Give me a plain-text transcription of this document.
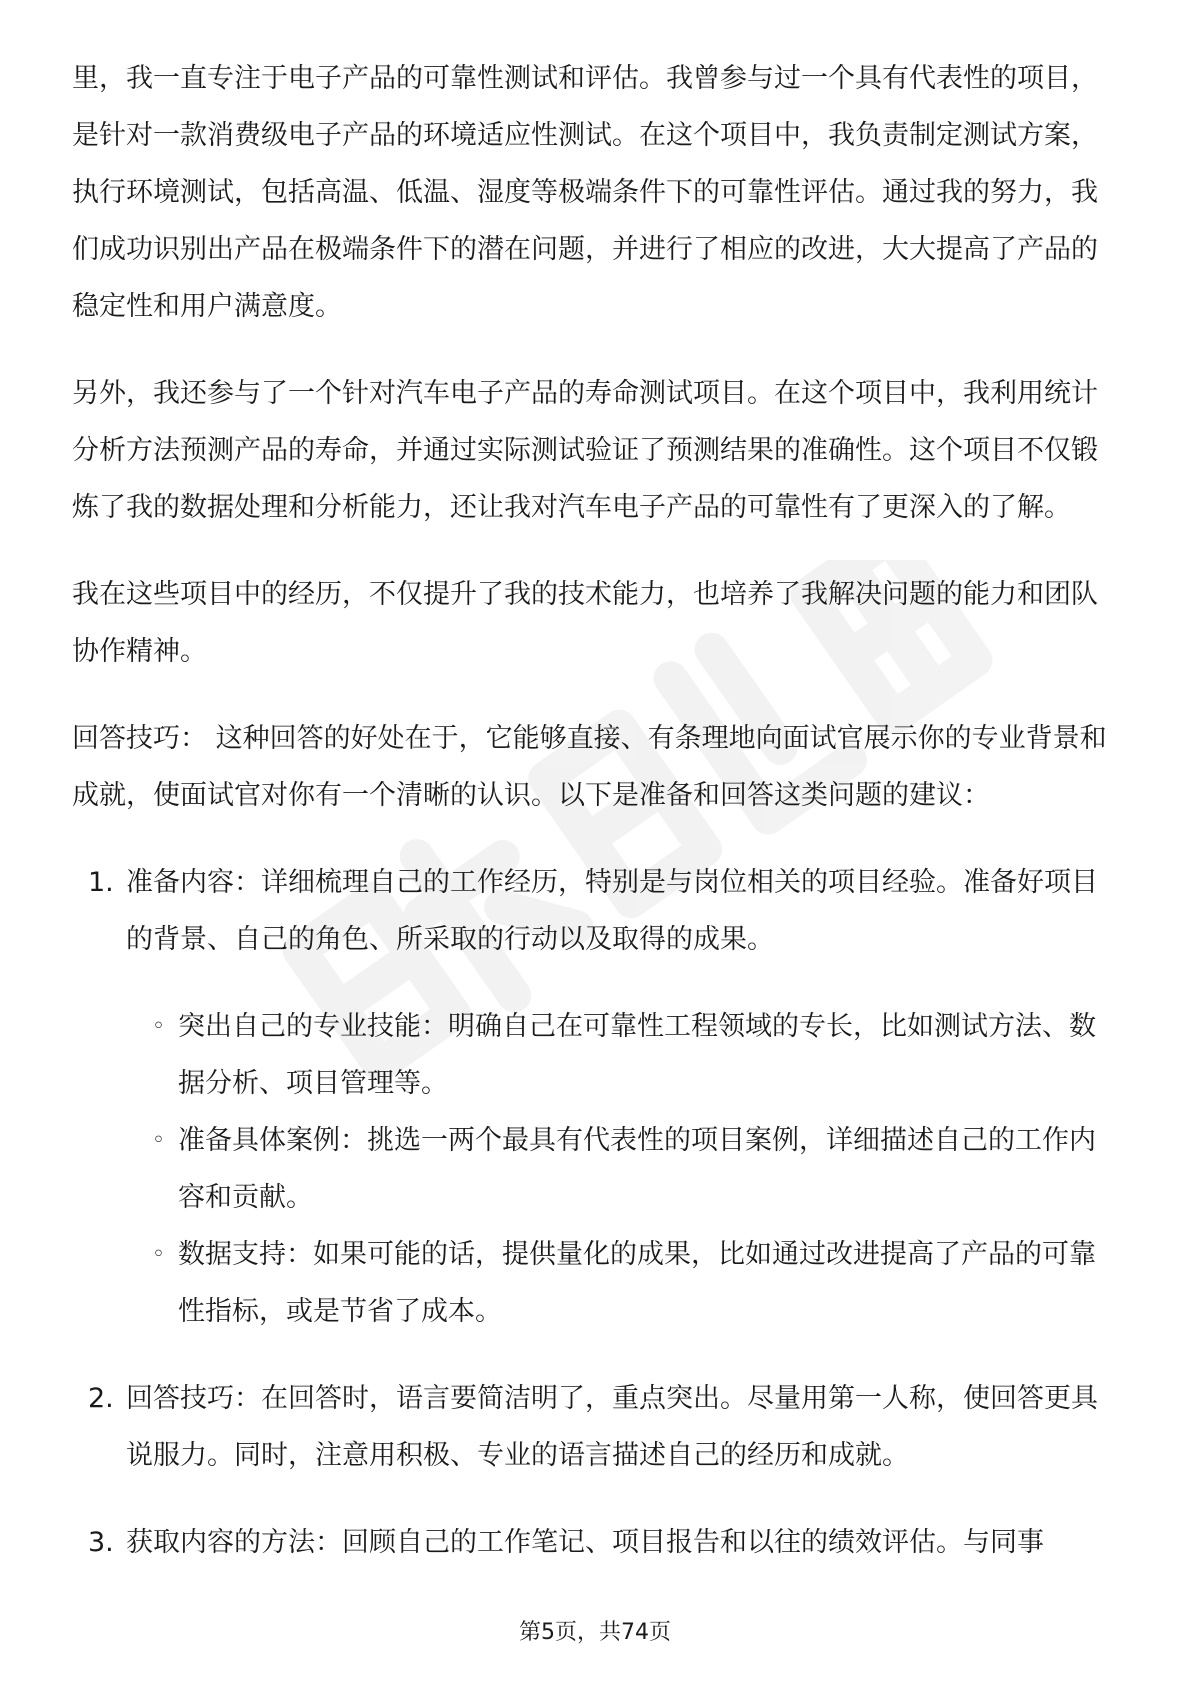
里，我一直专注于电子产品的可靠性测试和评估。我曾参与过一个具有代表性的项目，是针对一款消费级电子产品的环境适应性测试。在这个项目中，我负责制定测试方案，执行环境测试，包括高温、低温、湿度等极端条件下的可靠性评估。通过我的努力，我们成功识别出产品在极端条件下的潜在问题，并进行了相应的改进，大大提高了产品的稳定性和用户满意度。

另外，我还参与了一个针对汽车电子产品的寿命测试项目。在这个项目中，我利用统计分析方法预测产品的寿命，并通过实际测试验证了预测结果的准确性。这个项目不仅锻炼了我的数据处理和分析能力，还让我对汽车电子产品的可靠性有了更深入的了解。

我在这些项目中的经历，不仅提升了我的技术能力，也培养了我解决问题的能力和团队协作精神。

回答技巧： 这种回答的好处在于，它能够直接、有条理地向面试官展示你的专业背景和成就，使面试官对你有一个清晰的认识。以下是准备和回答这类问题的建议：

1. 准备内容：详细梳理自己的工作经历，特别是与岗位相关的项目经验。准备好项目的背景、自己的角色、所采取的行动以及取得的成果。
◦ 突出自己的专业技能：明确自己在可靠性工程领域的专长，比如测试方法、数据分析、项目管理等。
◦ 准备具体案例：挑选一两个最具有代表性的项目案例，详细描述自己的工作内容和贡献。
◦ 数据支持：如果可能的话，提供量化的成果，比如通过改进提高了产品的可靠性指标，或是节省了成本。
2. 回答技巧：在回答时，语言要简洁明了，重点突出。尽量用第一人称，使回答更具说服力。同时，注意用积极、专业的语言描述自己的经历和成就。
3. 获取内容的方法：回顾自己的工作笔记、项目报告和以往的绩效评估。与同事
第5页，共74页
